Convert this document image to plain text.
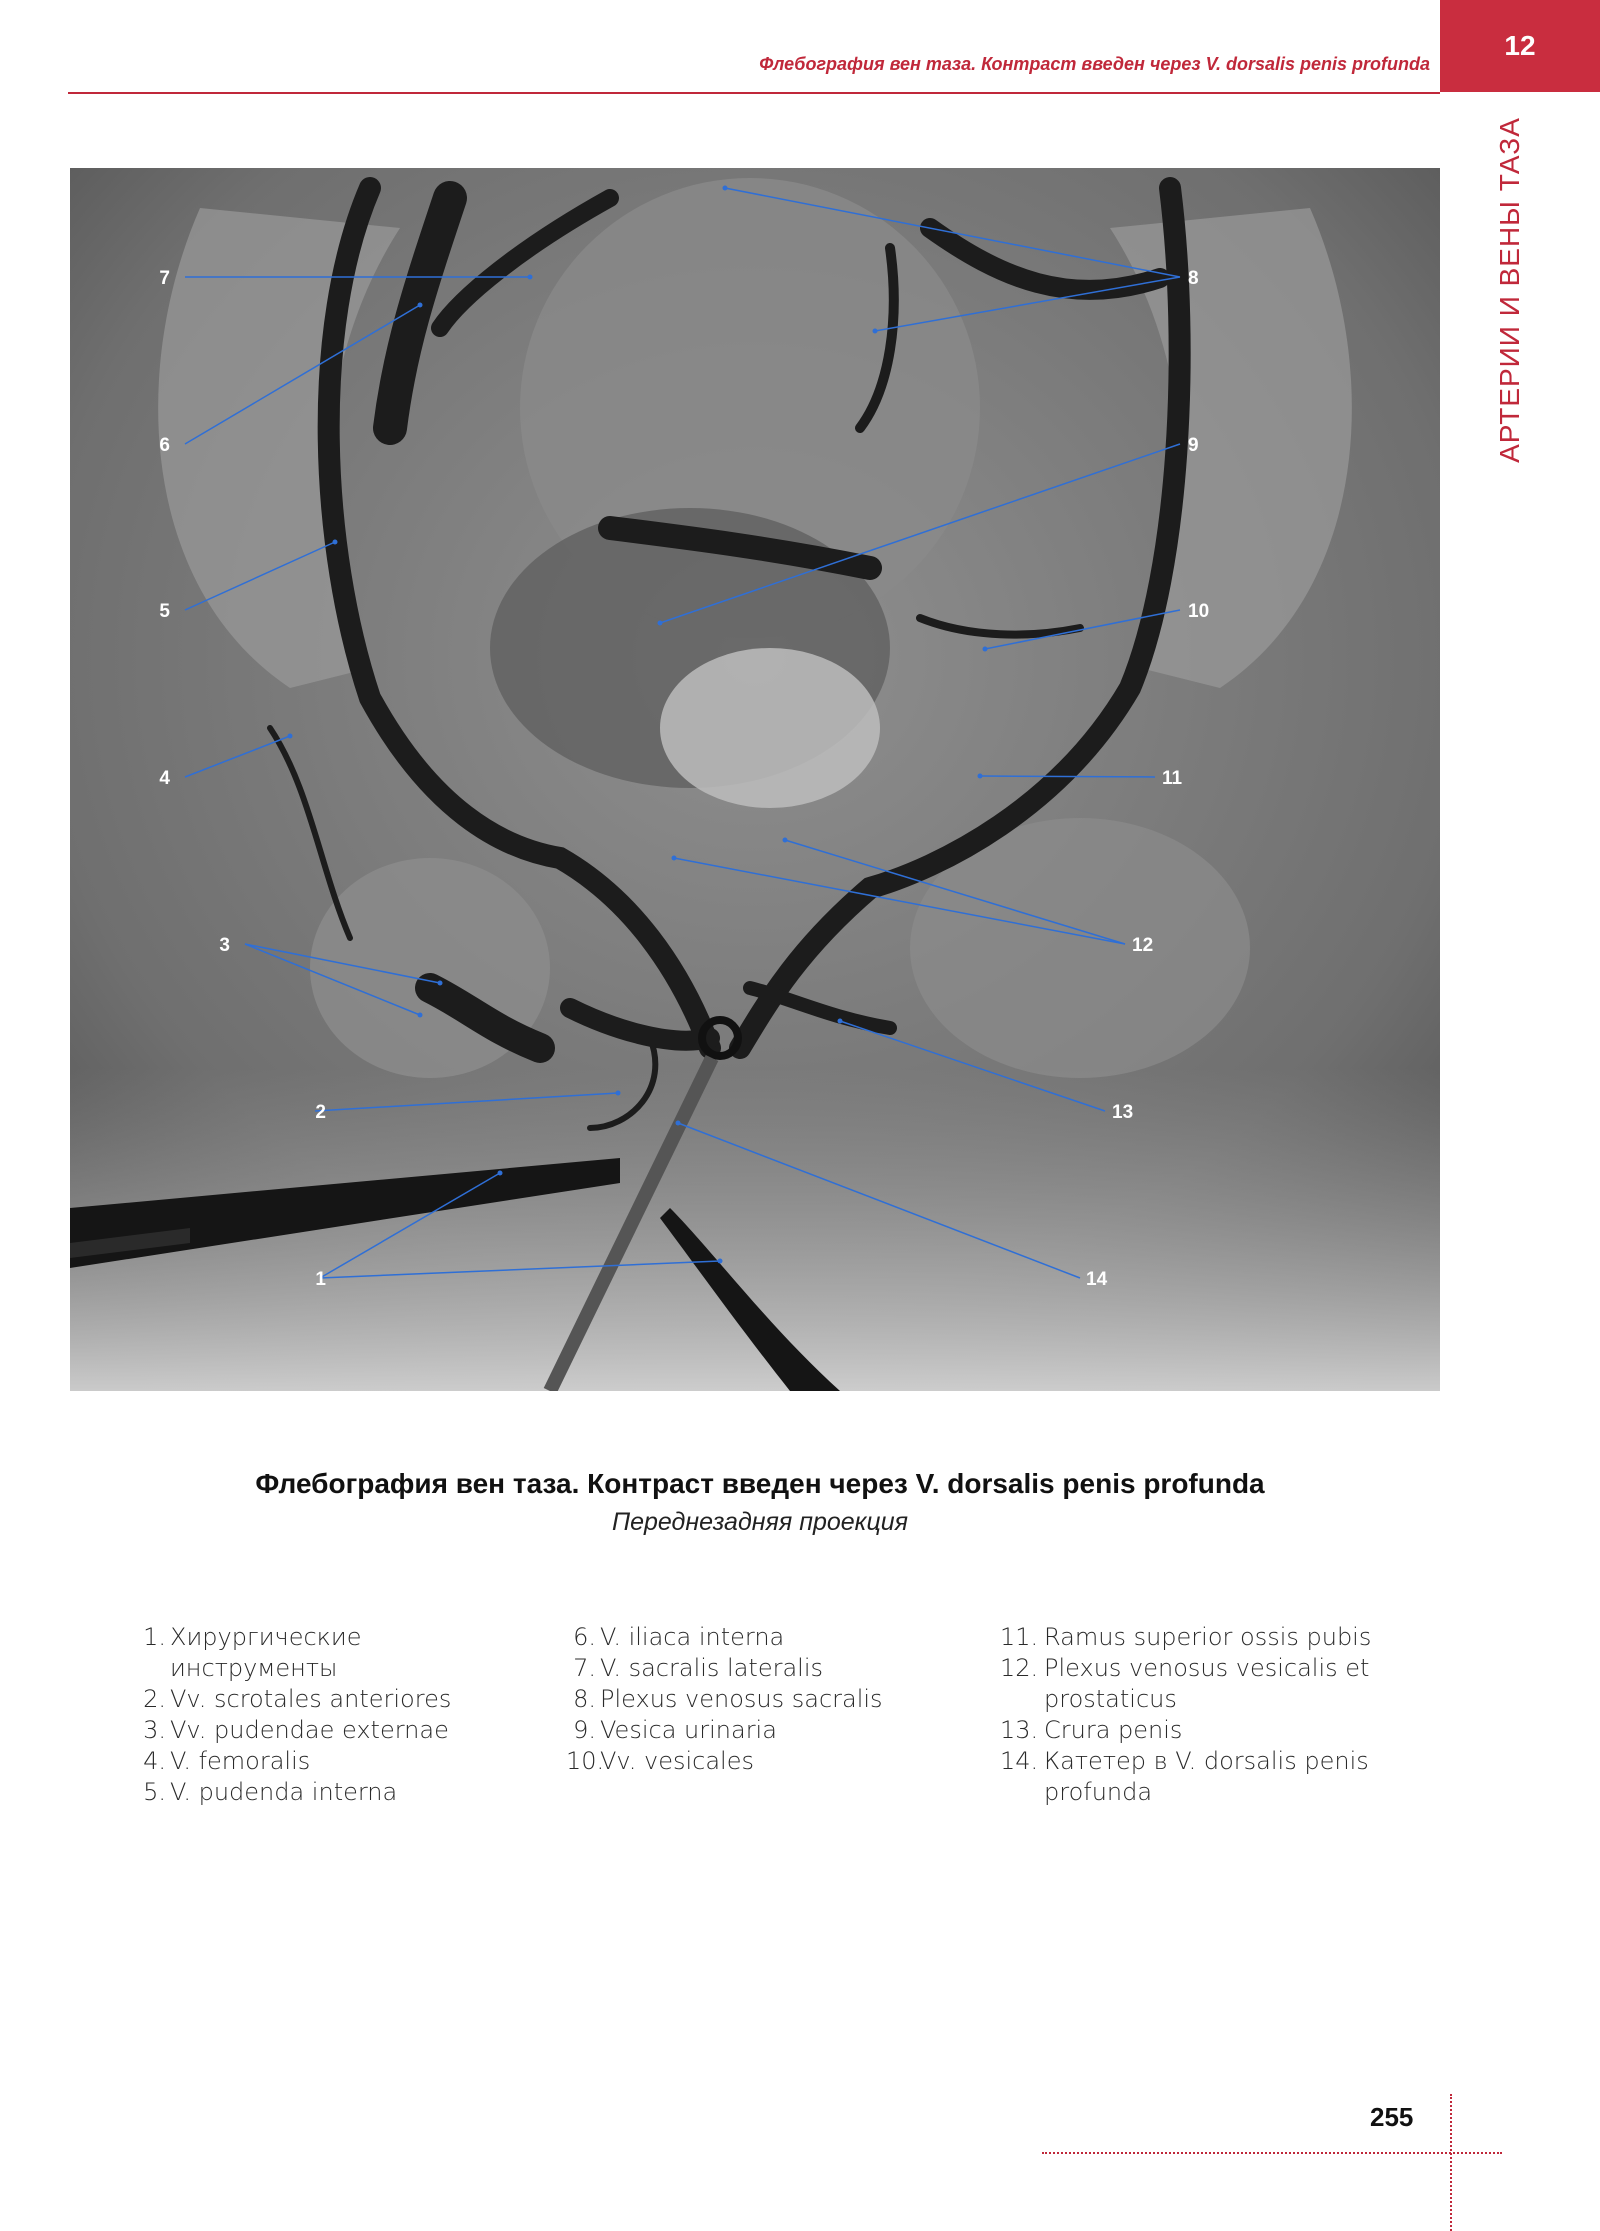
Флебография вен таза. Контраст введен через V. dorsalis penis profunda
12
АРТЕРИИ И ВЕНЫ ТАЗА
7	8
6	9
5	10
4	11
3	12
2	13
1	14
Флебография вен таза. Контраст введен через V. dorsalis penis profunda
Переднезадняя проекция
1. Хирургические инструменты
2. Vv. scrotales anteriores
3. Vv. pudendae externae
4. V. femoralis
5. V. pudenda interna
6. V. iliaca interna
7. V. sacralis lateralis
8. Plexus venosus sacralis
9. Vesica urinaria
10.
Vv. vesicales
11. Ramus superior ossis pubis
12. Plexus venosus vesicalis et prostaticus
13. Crura penis
14. Катетер в V. dorsalis penis profunda
255
